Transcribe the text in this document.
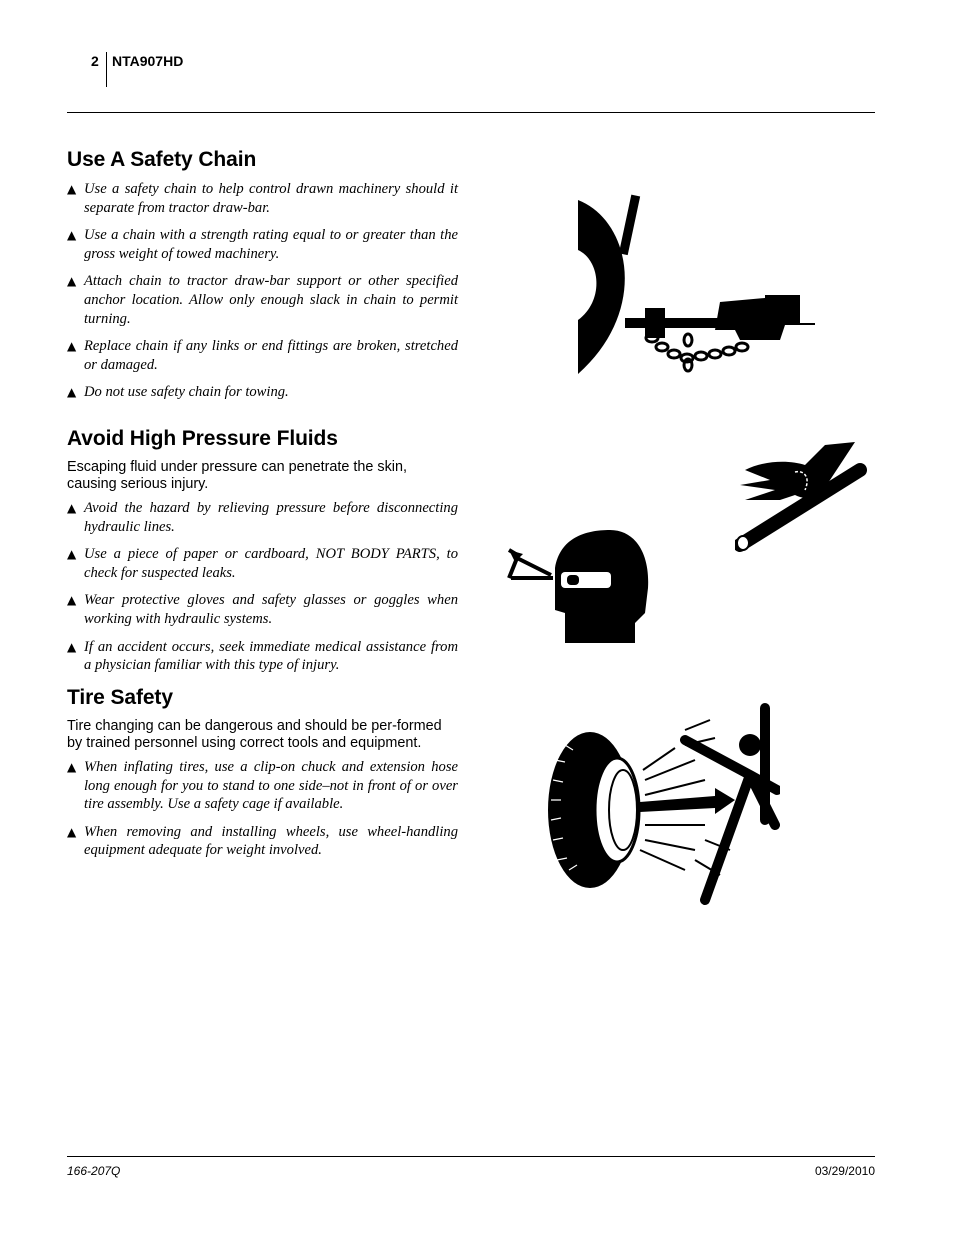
2 NTA907HD
Use A Safety Chain
▲ Use a safety chain to help control drawn machinery should it separate from tractor draw-bar.
▲ Use a chain with a strength rating equal to or greater than the gross weight of towed machinery.
▲ Attach chain to tractor draw-bar support or other specified anchor location. Allow only enough slack in chain to permit turning.
▲ Replace chain if any links or end fittings are broken, stretched or damaged.
▲ Do not use safety chain for towing.
Avoid High Pressure Fluids

Escaping fluid under pressure can penetrate the skin, causing serious injury.

▲ Avoid the hazard by relieving pressure before disconnecting hydraulic lines.
▲ Use a piece of paper or cardboard, NOT BODY PARTS, to check for suspected leaks.
▲ Wear protective gloves and safety glasses or goggles when working with hydraulic systems.
▲ If an accident occurs, seek immediate medical assistance from a physician familiar with this type of injury.
Tire Safety

Tire changing can be dangerous and should be per-formed by trained personnel using correct tools and equipment.

▲ When inflating tires, use a clip-on chuck and extension hose long enough for you to stand to one side–not in front of or over tire assembly. Use a safety cage if available.
▲ When removing and installing wheels, use wheel-handling equipment adequate for weight involved.
166-207Q	03/29/2010
